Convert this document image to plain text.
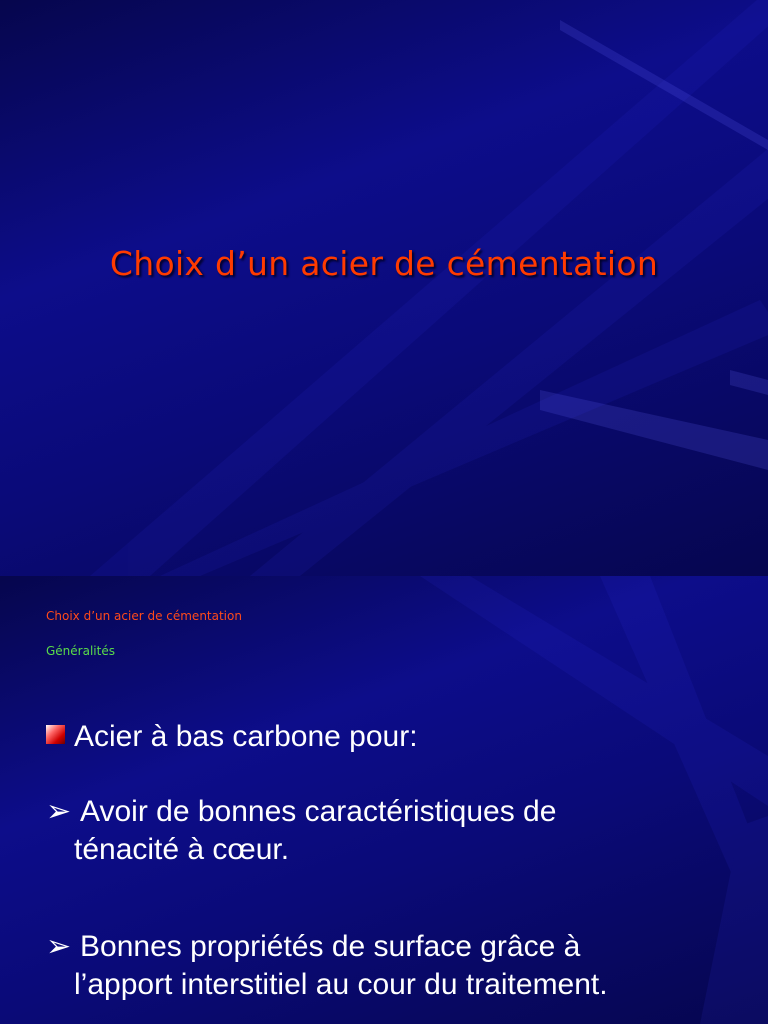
Choix d’un acier de cémentation
Choix d’un acier de cémentation
Généralités
Acier à bas carbone pour:
➢ Avoir de bonnes caractéristiques de
ténacité à cœur.
➢ Bonnes propriétés de surface grâce à
l’apport interstitiel au cour du traitement.
